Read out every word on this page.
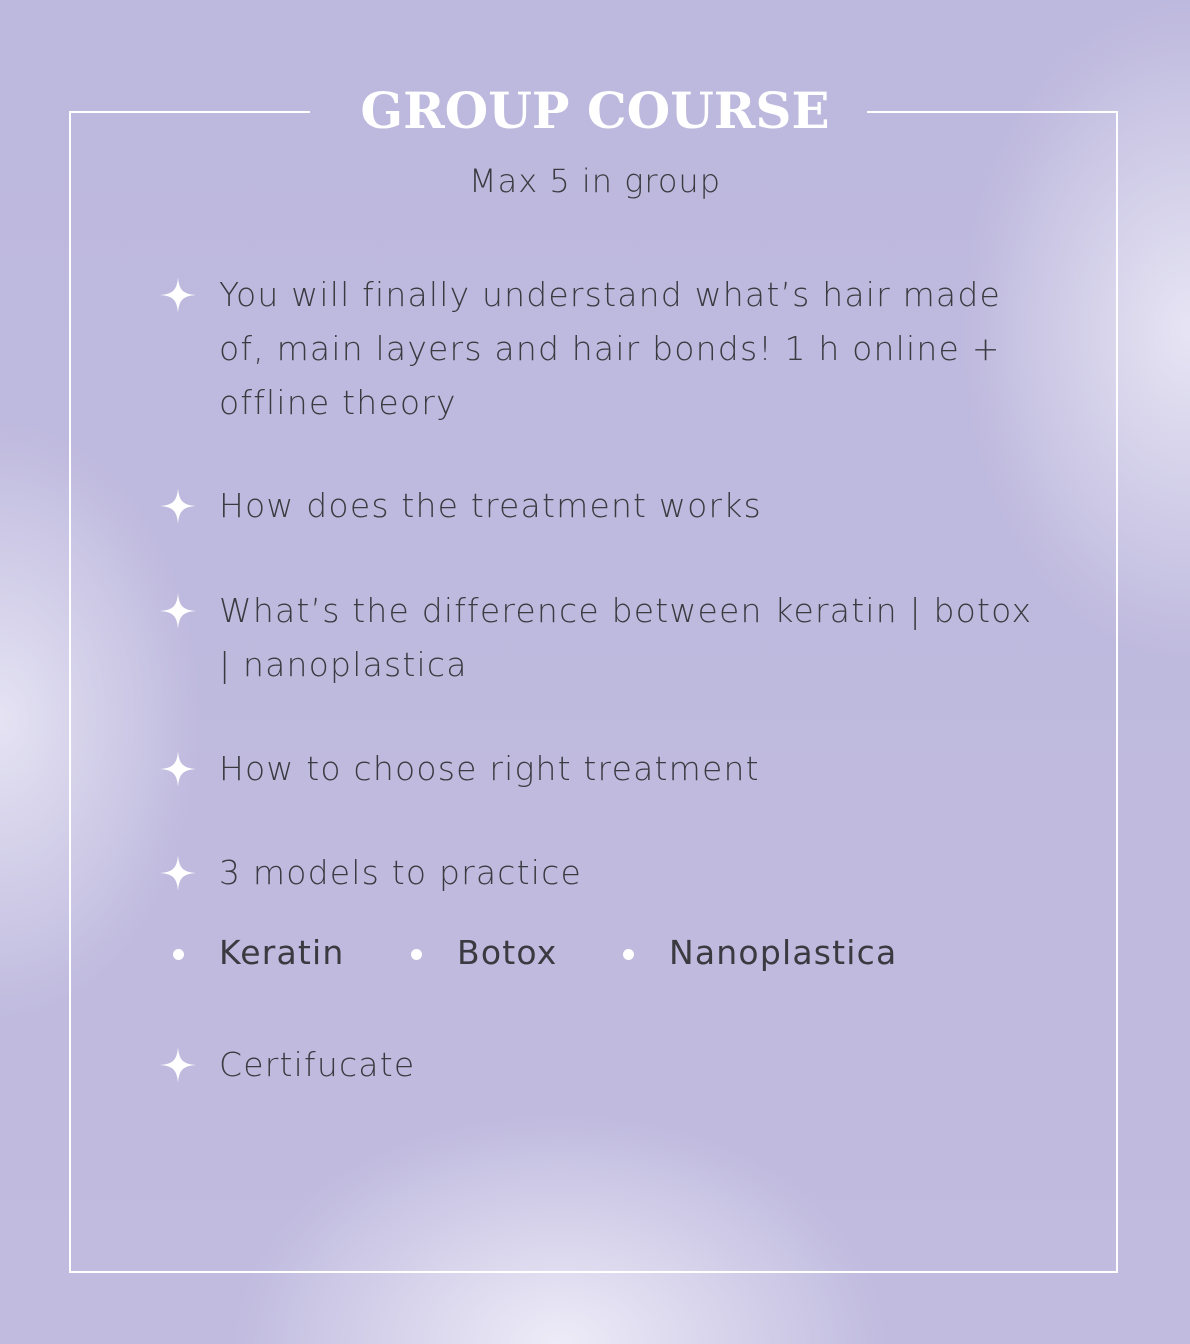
GROUP COURSE
Max 5 in group

You will finally understand what’s hair made of, main layers and hair bonds! 1 h online + offline theory

How does the treatment works

What’s the difference between keratin | botox | nanoplastica

How to choose right treatment

3 models to practice

Keratin	Botox	Nanoplastica

Certifucate
